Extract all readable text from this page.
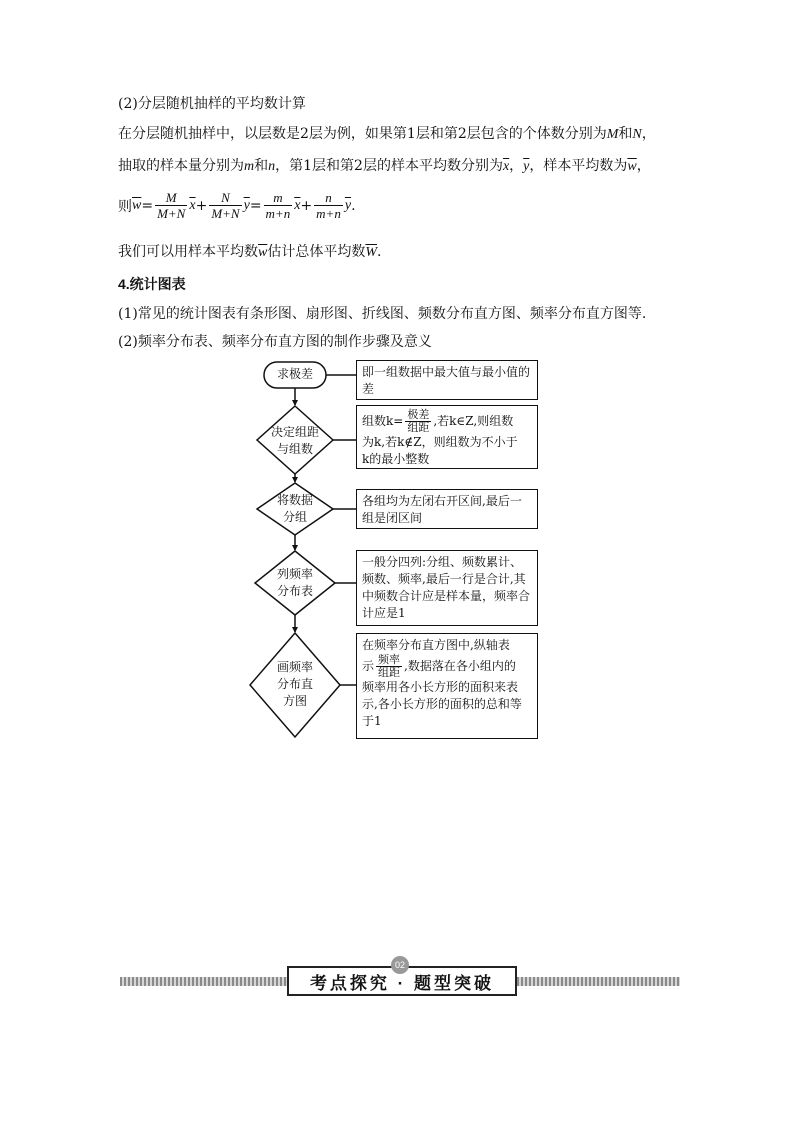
(2)分层随机抽样的平均数计算
在分层随机抽样中，以层数是2层为例，如果第1层和第2层包含的个体数分别为M和N，
抽取的样本量分别为m和n，第1层和第2层的样本平均数分别为$\overline{x}$，$\overline{y}$，样本平均数为$\overline{w}$，
则 $\overline{w} = \frac{M}{M+N} \overline{x} + \frac{N}{M+N} \overline{y} = \frac{m}{m+n} \overline{x} + \frac{n}{m+n} \overline{y}$ .
我们可以用样本平均数$\overline{w}$估计总体平均数$\overline{W}$.
4.统计图表
(1)常见的统计图表有条形图、扇形图、折线图、频数分布直方图、频率分布直方图等.
(2)频率分布表、频率分布直方图的制作步骤及意义
求极差
决定组距
与组数
将数据
分组
列频率
分布表
画频率
分布直
方图
即一组数据中最大值与最小值的差
组数$k= \frac{\text{极差}}{\text{组距}}$ ,若k∈Z,则组数
为k,若k∉Z，则组数为不小于
k的最小整数
各组均为左闭右开区间,最后一组是闭区间
一般分四列:分组、频数累计、频数、频率,最后一行是合计,其中频数合计应是样本量，频率合计应是1
在频率分布直方图中,纵轴表
示 $\frac{\text{频率}}{\text{组距}}$ ,数据落在各小组内的
频率用各小长方形的面积来表示,各小长方形的面积的总和等于1
考点探究 · 题型突破
02
